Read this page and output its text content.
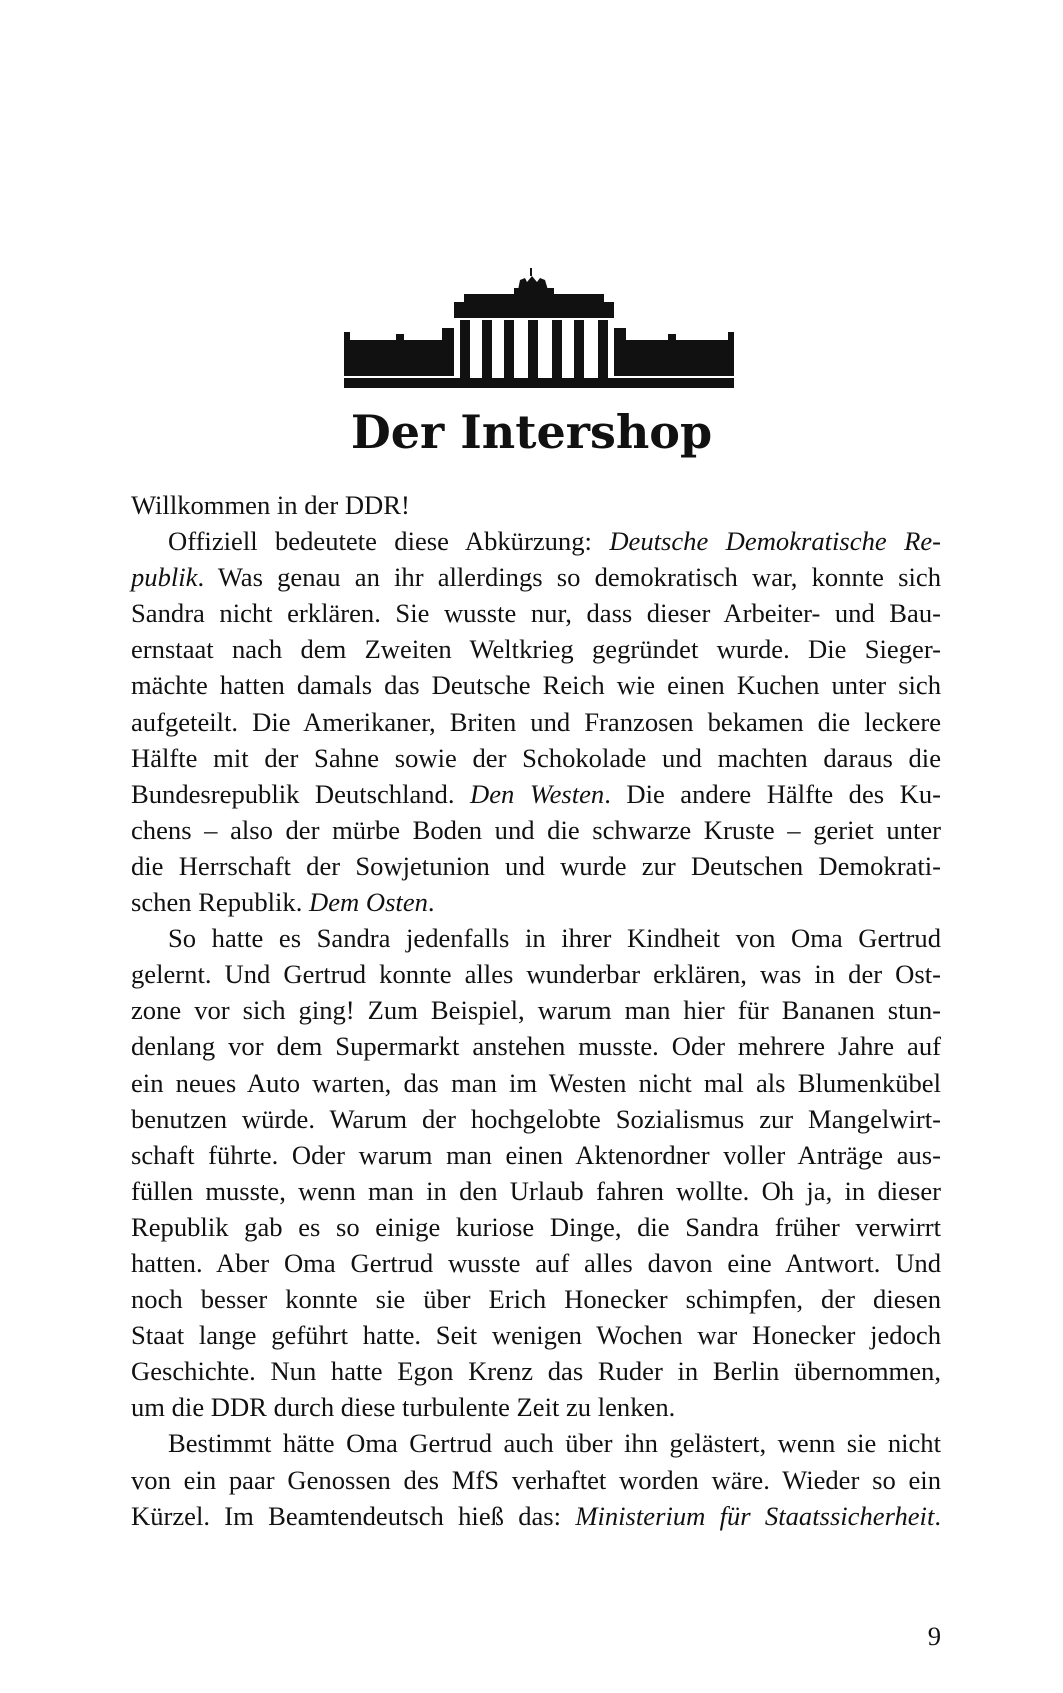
Der Intershop
Willkommen in der DDR!
Offiziell bedeutete diese Abkürzung: Deutsche Demokratische Re-
publik. Was genau an ihr allerdings so demokratisch war, konnte sich
Sandra nicht erklären. Sie wusste nur, dass dieser Arbeiter- und Bau-
ernstaat nach dem Zweiten Weltkrieg gegründet wurde. Die Sieger-
mächte hatten damals das Deutsche Reich wie einen Kuchen unter sich
aufgeteilt. Die Amerikaner, Briten und Franzosen bekamen die leckere
Hälfte mit der Sahne sowie der Schokolade und machten daraus die
Bundesrepublik Deutschland. Den Westen. Die andere Hälfte des Ku-
chens – also der mürbe Boden und die schwarze Kruste – geriet unter
die Herrschaft der Sowjetunion und wurde zur Deutschen Demokrati-
schen Republik. Dem Osten.
So hatte es Sandra jedenfalls in ihrer Kindheit von Oma Gertrud
gelernt. Und Gertrud konnte alles wunderbar erklären, was in der Ost-
zone vor sich ging! Zum Beispiel, warum man hier für Bananen stun-
denlang vor dem Supermarkt anstehen musste. Oder mehrere Jahre auf
ein neues Auto warten, das man im Westen nicht mal als Blumenkübel
benutzen würde. Warum der hochgelobte Sozialismus zur Mangelwirt-
schaft führte. Oder warum man einen Aktenordner voller Anträge aus-
füllen musste, wenn man in den Urlaub fahren wollte. Oh ja, in dieser
Republik gab es so einige kuriose Dinge, die Sandra früher verwirrt
hatten. Aber Oma Gertrud wusste auf alles davon eine Antwort. Und
noch besser konnte sie über Erich Honecker schimpfen, der diesen
Staat lange geführt hatte. Seit wenigen Wochen war Honecker jedoch
Geschichte. Nun hatte Egon Krenz das Ruder in Berlin übernommen,
um die DDR durch diese turbulente Zeit zu lenken.
Bestimmt hätte Oma Gertrud auch über ihn gelästert, wenn sie nicht
von ein paar Genossen des MfS verhaftet worden wäre. Wieder so ein
Kürzel. Im Beamtendeutsch hieß das: Ministerium für Staatssicherheit.
9
